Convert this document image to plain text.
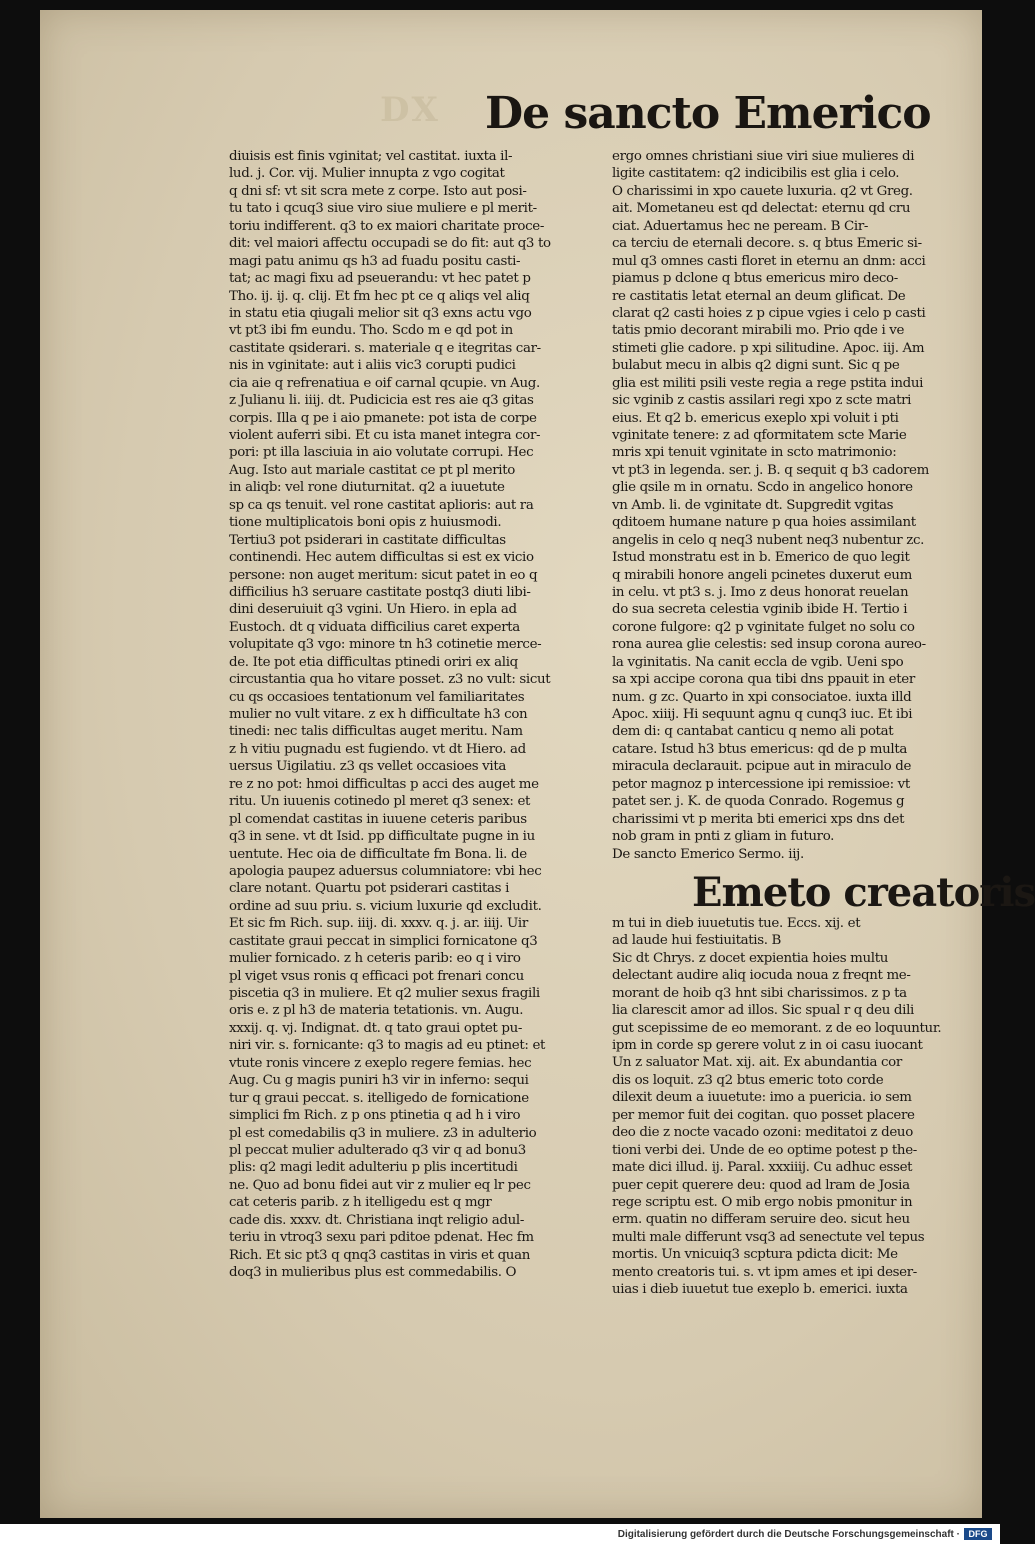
DX De sancto Emerico
diuisis est finis vginitat; vel castitat. iuxta il-
lud. j. Cor. vij. Mulier innupta z vgo cogitat
q dni sf: vt sit scra mete z corpe. Isto aut posi-
tu tato i qcuq3 siue viro siue muliere e pl merit-
toriu indifferent. q3 to ex maiori charitate proce-
dit: vel maiori affectu occupadi se do fit: aut q3 to
magi patu animu qs h3 ad fuadu positu casti-
tat; ac magi fixu ad pseuerandu: vt hec patet p
Tho. ij. ij. q. clij. Et fm hec pt ce q aliqs vel aliq
in statu etia qiugali melior sit q3 exns actu vgo
vt pt3 ibi fm eundu. Tho. Scdo m e qd pot in
castitate qsiderari. s. materiale q e itegritas car-
nis in vginitate: aut i aliis vic3 corupti pudici
cia aie q refrenatiua e oif carnal qcupie. vn Aug.
z Julianu li. iiij. dt. Pudicicia est res aie q3 gitas
corpis. Illa q pe i aio pmanete: pot ista de corpe
violent auferri sibi. Et cu ista manet integra cor-
pori: pt illa lasciuia in aio volutate corrupi. Hec
Aug. Isto aut mariale castitat ce pt pl merito
in aliqb: vel rone diuturnitat. q2 a iuuetute
sp ca qs tenuit. vel rone castitat aplioris: aut ra
tione multiplicatois boni opis z huiusmodi.
Tertiu3 pot psiderari in castitate difficultas
continendi. Hec autem difficultas si est ex vicio
persone: non auget meritum: sicut patet in eo q
difficilius h3 seruare castitate postq3 diuti libi-
dini deseruiuit q3 vgini. Un Hiero. in epla ad
Eustoch. dt q viduata difficilius caret experta
volupitate q3 vgo: minore tn h3 cotinetie merce-
de. Ite pot etia difficultas ptinedi oriri ex aliq
circustantia qua ho vitare posset. z3 no vult: sicut
cu qs occasioes tentationum vel familiaritates
mulier no vult vitare. z ex h difficultate h3 con
tinedi: nec talis difficultas auget meritu. Nam
z h vitiu pugnadu est fugiendo. vt dt Hiero. ad
uersus Uigilatiu. z3 qs vellet occasioes vita
re z no pot: hmoi difficultas p acci des auget me
ritu. Un iuuenis cotinedo pl meret q3 senex: et
pl comendat castitas in iuuene ceteris paribus
q3 in sene. vt dt Isid. pp difficultate pugne in iu
uentute. Hec oia de difficultate fm Bona. li. de
apologia paupez aduersus columniatore: vbi hec
clare notant. Quartu pot psiderari castitas i
ordine ad suu priu. s. vicium luxurie qd excludit.
Et sic fm Rich. sup. iiij. di. xxxv. q. j. ar. iiij. Uir
castitate graui peccat in simplici fornicatone q3
mulier fornicado. z h ceteris parib: eo q i viro
pl viget vsus ronis q efficaci pot frenari concu
piscetia q3 in muliere. Et q2 mulier sexus fragili
oris e. z pl h3 de materia tetationis. vn. Augu.
xxxij. q. vj. Indignat. dt. q tato graui optet pu-
niri vir. s. fornicante: q3 to magis ad eu ptinet: et
vtute ronis vincere z exeplo regere femias. hec
Aug. Cu g magis puniri h3 vir in inferno: sequi
tur q graui peccat. s. itelligedo de fornicatione
simplici fm Rich. z p ons ptinetia q ad h i viro
pl est comedabilis q3 in muliere. z3 in adulterio
pl peccat mulier adulterado q3 vir q ad bonu3
plis: q2 magi ledit adulteriu p plis incertitudi
ne. Quo ad bonu fidei aut vir z mulier eq lr pec
cat ceteris parib. z h itelligedu est q mgr
cade dis. xxxv. dt. Christiana inqt religio adul-
teriu in vtroq3 sexu pari pditoe pdenat. Hec fm
Rich. Et sic pt3 q qnq3 castitas in viris et quan
doq3 in mulieribus plus est commedabilis. O
ergo omnes christiani siue viri siue mulieres di
ligite castitatem: q2 indicibilis est glia i celo.
O charissimi in xpo cauete luxuria. q2 vt Greg.
ait. Mometaneu est qd delectat: eternu qd cru
ciat. Aduertamus hec ne peream. B Cir-
ca terciu de eternali decore. s. q btus Emeric si-
mul q3 omnes casti floret in eternu an dnm: acci
piamus p dclone q btus emericus miro deco-
re castitatis letat eternal an deum glificat. De
clarat q2 casti hoies z p cipue vgies i celo p casti
tatis pmio decorant mirabili mo. Prio qde i ve
stimeti glie cadore. p xpi silitudine. Apoc. iij. Am
bulabut mecu in albis q2 digni sunt. Sic q pe
glia est militi psili veste regia a rege pstita indui
sic vginib z castis assilari regi xpo z scte matri
eius. Et q2 b. emericus exeplo xpi voluit i pti
vginitate tenere: z ad qformitatem scte Marie
mris xpi tenuit vginitate in scto matrimonio:
vt pt3 in legenda. ser. j. B. q sequit q b3 cadorem
glie qsile m in ornatu. Scdo in angelico honore
vn Amb. li. de vginitate dt. Supgredit vgitas
qditoem humane nature p qua hoies assimilant
angelis in celo q neq3 nubent neq3 nubentur zc.
Istud monstratu est in b. Emerico de quo legit
q mirabili honore angeli pcinetes duxerut eum
in celu. vt pt3 s. j. Imo z deus honorat reuelan
do sua secreta celestia vginib ibide H. Tertio i
corone fulgore: q2 p vginitate fulget no solu co
rona aurea glie celestis: sed insup corona aureo-
la vginitatis. Na canit eccla de vgib. Ueni spo
sa xpi accipe corona qua tibi dns ppauit in eter
num. g zc. Quarto in xpi consociatoe. iuxta illd
Apoc. xiiij. Hi sequunt agnu q cunq3 iuc. Et ibi
dem di: q cantabat canticu q nemo ali potat
catare. Istud h3 btus emericus: qd de p multa
miracula declarauit. pcipue aut in miraculo de
petor magnoz p intercessione ipi remissioe: vt
patet ser. j. K. de quoda Conrado. Rogemus g
charissimi vt p merita bti emerici xps dns det
nob gram in pnti z gliam in futuro.
De sancto Emerico Sermo. iij.
Emeto creatoris
m tui in dieb iuuetutis tue. Eccs. xij. et
ad laude hui festiuitatis. B
Sic dt Chrys. z docet expientia hoies multu
delectant audire aliq iocuda noua z freqnt me-
morant de hoib q3 hnt sibi charissimos. z p ta
lia clarescit amor ad illos. Sic spual r q deu dili
gut scepissime de eo memorant. z de eo loquuntur.
ipm in corde sp gerere volut z in oi casu iuocant
Un z saluator Mat. xij. ait. Ex abundantia cor
dis os loquit. z3 q2 btus emeric toto corde
dilexit deum a iuuetute: imo a puericia. io sem
per memor fuit dei cogitan. quo posset placere
deo die z nocte vacado ozoni: meditatoi z deuo
tioni verbi dei. Unde de eo optime potest p the-
mate dici illud. ij. Paral. xxxiiij. Cu adhuc esset
puer cepit querere deu: quod ad lram de Josia
rege scriptu est. O mib ergo nobis pmonitur in
erm. quatin no differam seruire deo. sicut heu
multi male differunt vsq3 ad senectute vel tepus
mortis. Un vnicuiq3 scptura pdicta dicit: Me
mento creatoris tui. s. vt ipm ames et ipi deser-
uias i dieb iuuetut tue exeplo b. emerici. iuxta
Digitalisierung gefördert durch die Deutsche Forschungsgemeinschaft · DFG
